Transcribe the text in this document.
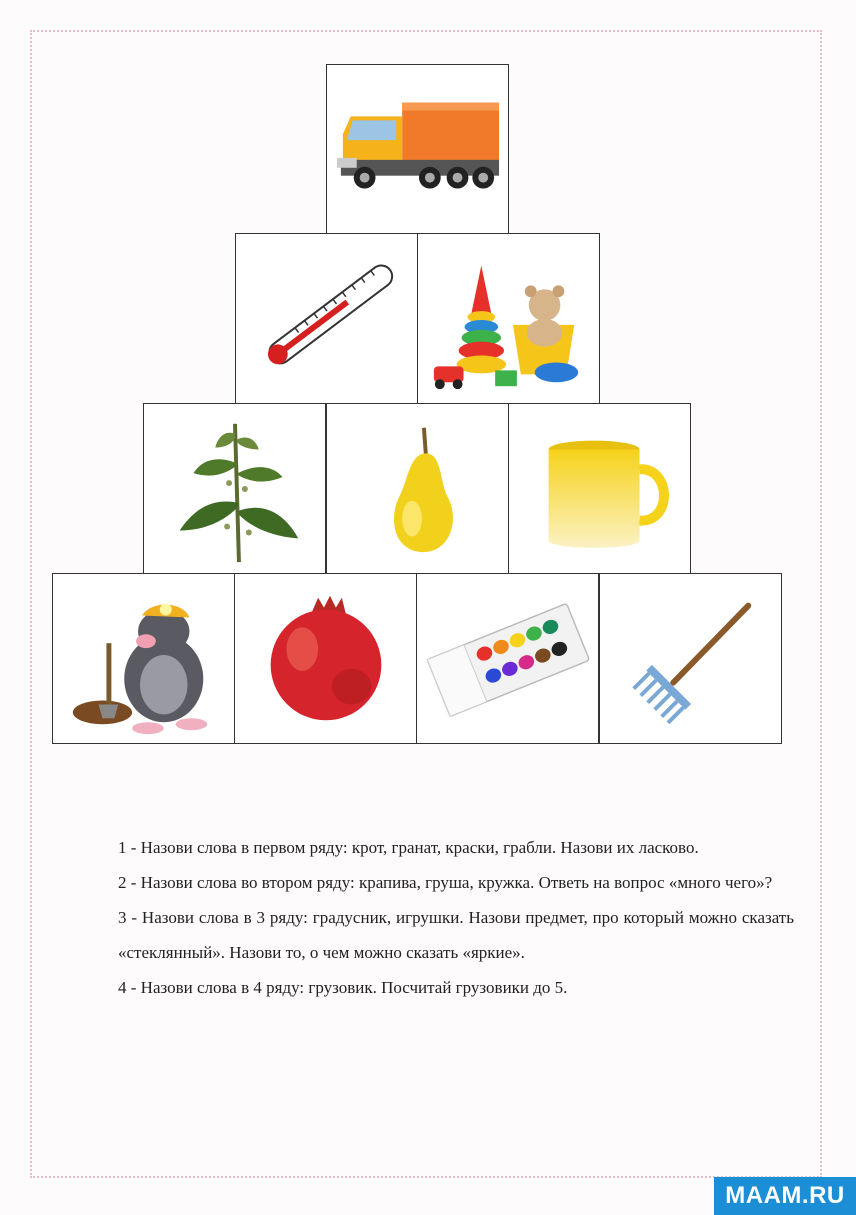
1 - Назови слова в первом ряду: крот, гранат, краски, грабли. Назови их ласково.

2 - Назови слова во втором ряду: крапива, груша, кружка. Ответь на вопрос «много чего»?

3 - Назови слова в 3 ряду: градусник, игрушки. Назови предмет, про который можно сказать «стеклянный». Назови то, о чем можно сказать «яркие».

4 - Назови слова в 4 ряду: грузовик. Посчитай грузовики до 5.

MAAM.RU
